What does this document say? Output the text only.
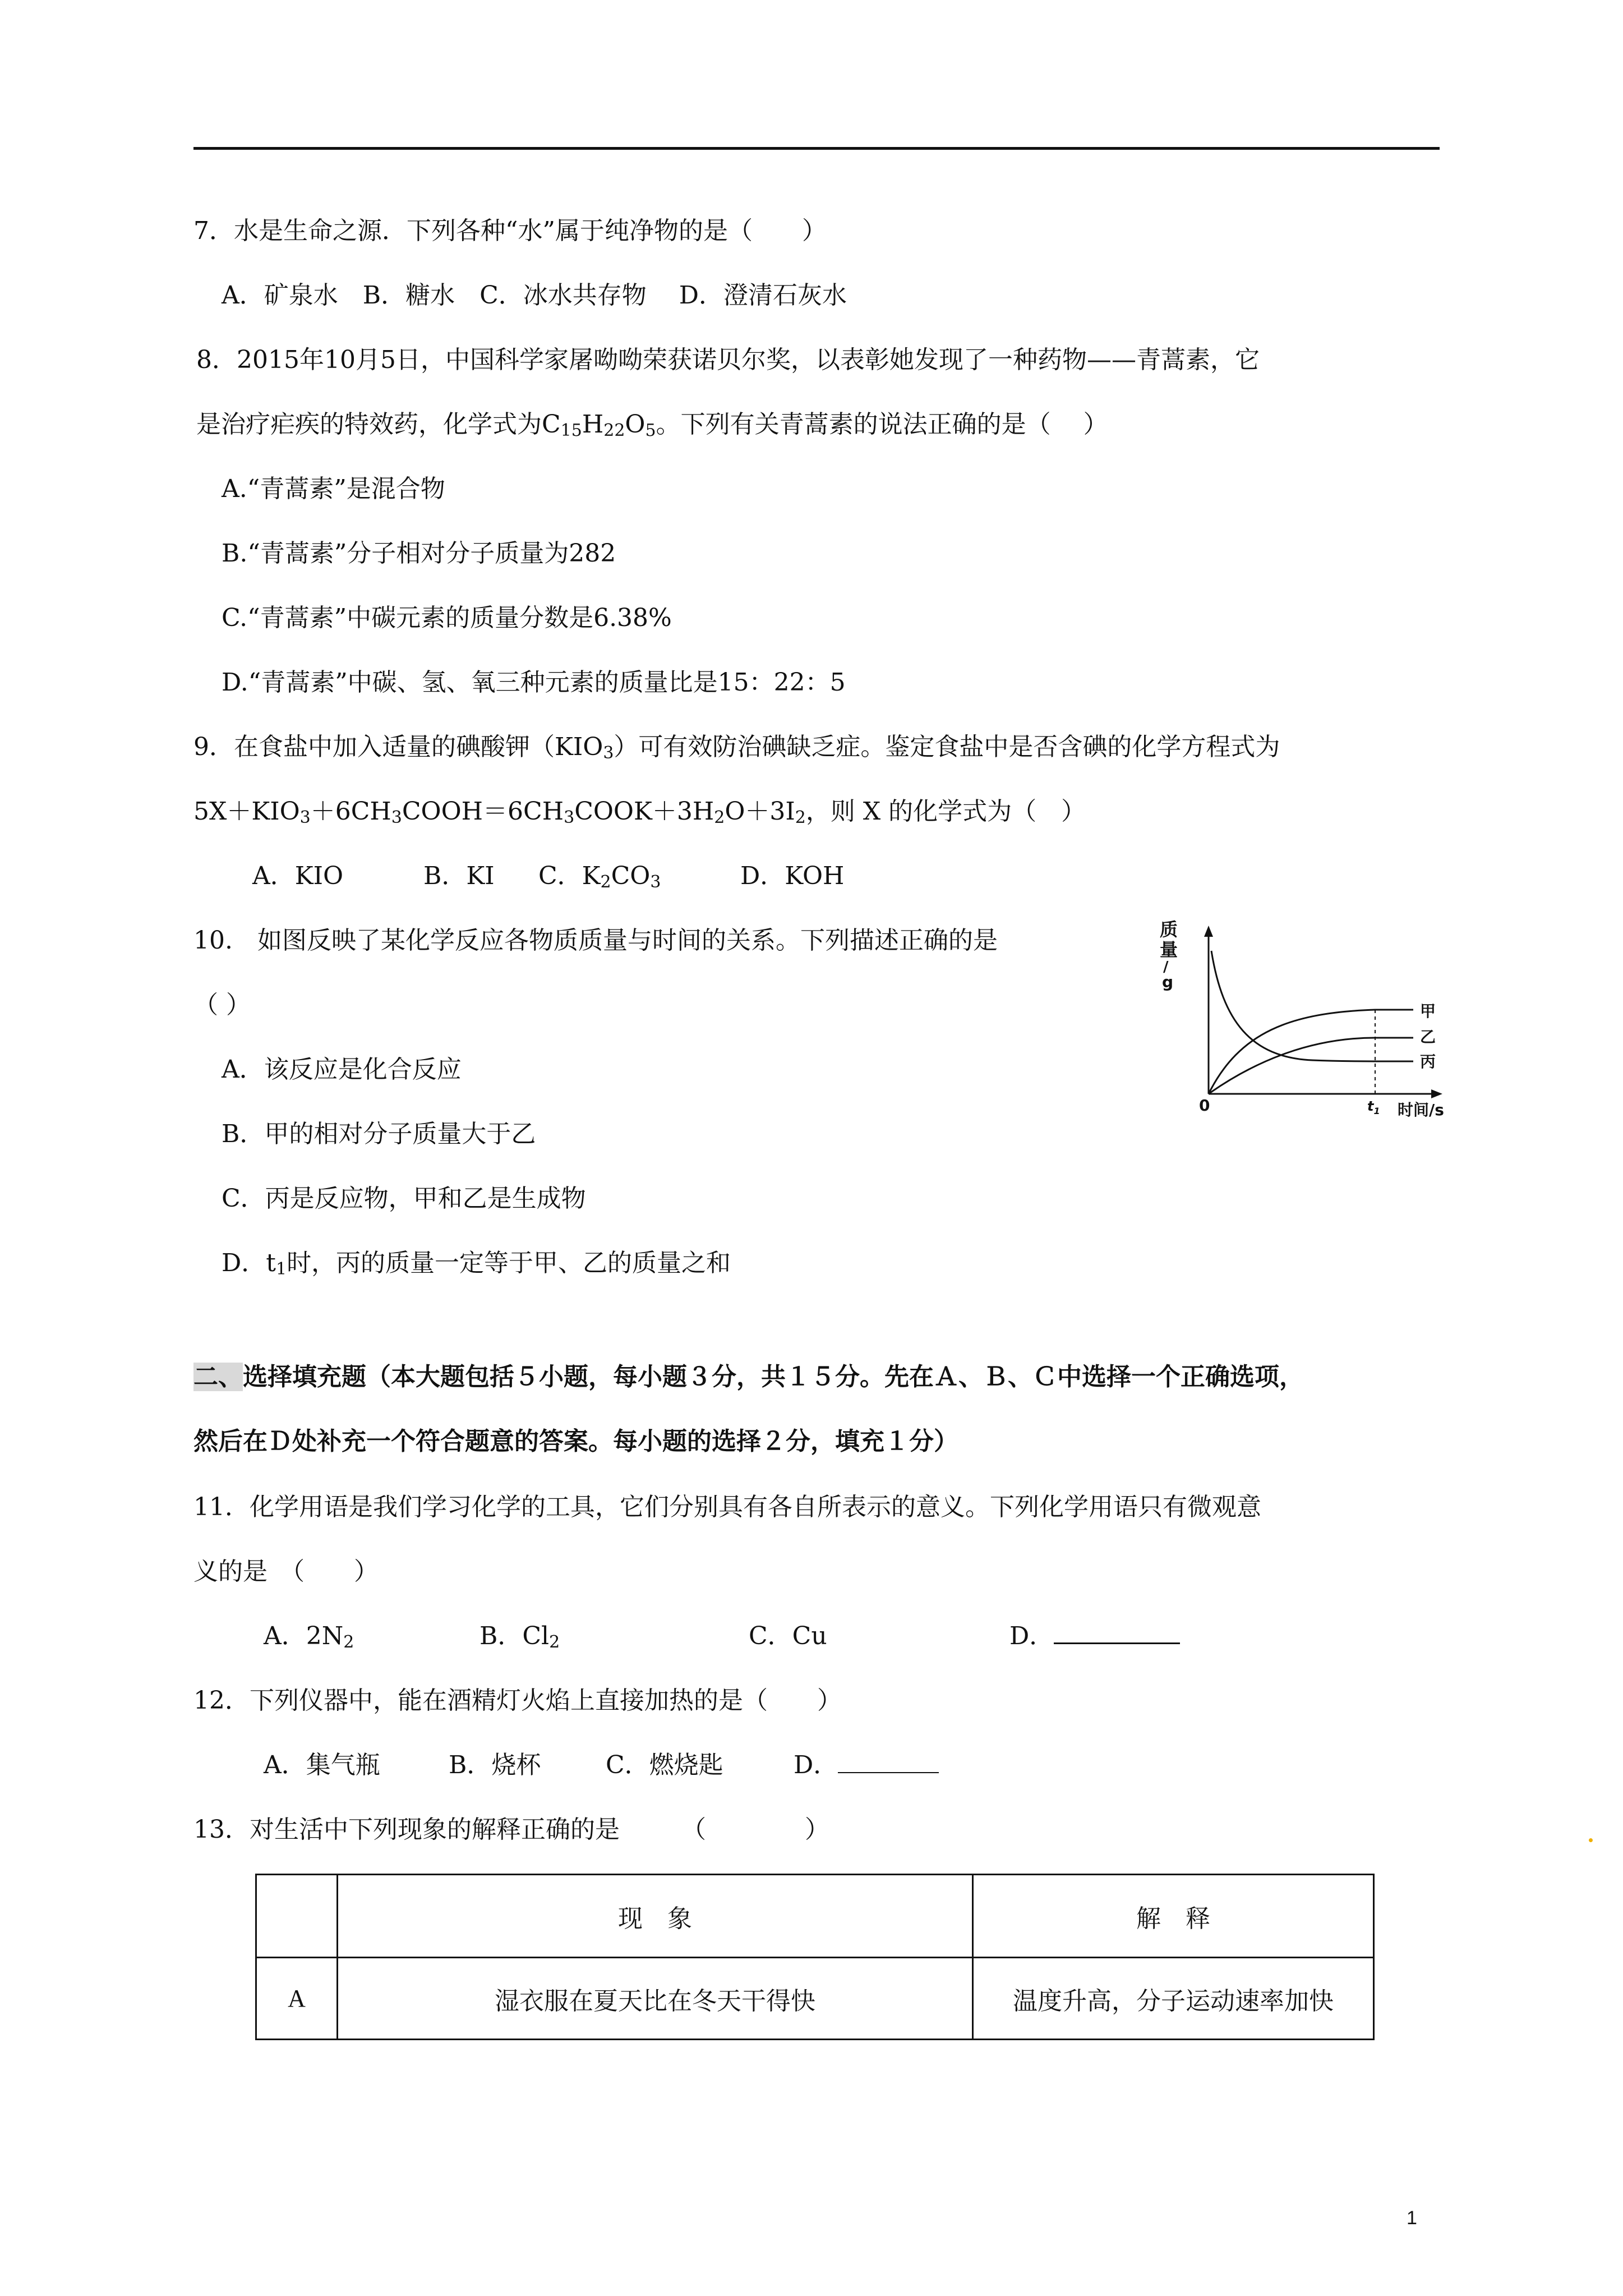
7．水是生命之源．下列各种“水”属于纯净物的是（　　）
A．矿泉水　B．糖水　C．冰水共存物　 D．澄清石灰水
8．2015年10月5日，中国科学家屠呦呦荣获诺贝尔奖，以表彰她发现了一种药物——青蒿素，它
是治疗疟疾的特效药，化学式为$C_{15}H_{22}O_5$。下列有关青蒿素的说法正确的是（　 ）
A.“青蒿素”是混合物
B.“青蒿素”分子相对分子质量为282
C.“青蒿素”中碳元素的质量分数是6.38%
D.“青蒿素”中碳、氢、氧三种元素的质量比是15：22：5
9．在食盐中加入适量的碘酸钾$(KIO_3)$可有效防治碘缺乏症。鉴定食盐中是否含碘的化学方程式为
$5X+KIO_3+6CH_3COOH=6CH_3COOK+3H_2O+3I_2$，则 X 的化学式为（　）
A．KIO	B．KI C．$K_2CO_3$	D．KOH
10.　如图反映了某化学反应各物质质量与时间的关系。下列描述正确的是
（ ）
A．该反应是化合反应
B．甲的相对分子质量大于乙
C．丙是反应物，甲和乙是生成物
D．$t_1$时，丙的质量一定等于甲、乙的质量之和
质
量
/
g
0	$t_1$ 时间/s
甲
乙
丙
二、选择填充题（本大题包括５小题，每小题３分，共１５分。先在Ａ、Ｂ、Ｃ中选择一个正确选项，
然后在Ｄ处补充一个符合题意的答案。每小题的选择２分，填充１分）
11．化学用语是我们学习化学的工具，它们分别具有各自所表示的意义。下列化学用语只有微观意
义的是　（　　）
A．$2N_2$	B．$Cl_2$	C．Cu	D．
12．下列仪器中，能在酒精灯火焰上直接加热的是（　　）
A．集气瓶	B．烧杯	C．燃烧匙	D．
13．对生活中下列现象的解释正确的是　　　（　　　　）
	现　象	解　释
A	湿衣服在夏天比在冬天干得快	温度升高，分子运动速率加快
1
